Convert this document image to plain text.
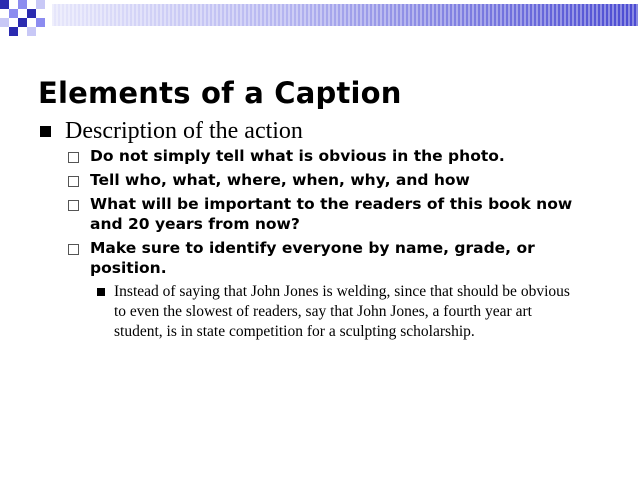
Elements of a Caption
Description of the action
Do not simply tell what is obvious in the photo.
Tell who, what, where, when, why, and how
What will be important to the readers of this book now and 20 years from now?
Make sure to identify everyone by name, grade, or position.
Instead of saying that John Jones is welding, since that should be obvious to even the slowest of readers, say that John Jones, a fourth year art student, is in state competition for a sculpting scholarship.
